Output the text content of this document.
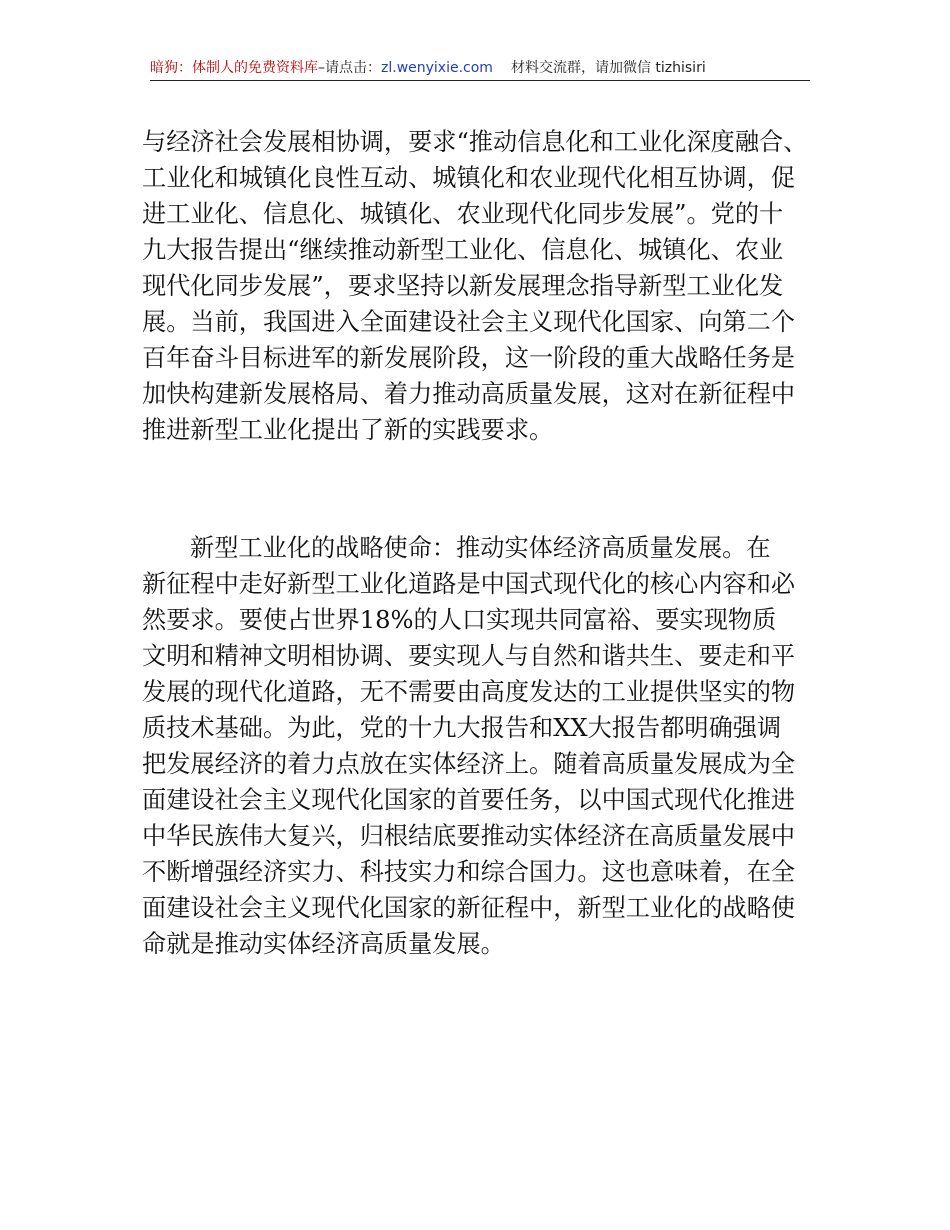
暗狗：体制人的免费资料库–请点击：zl.wenyixie.com 材料交流群，请加微信 tizhisiri
与经济社会发展相协调，要求“推动信息化和工业化深度融合、
工业化和城镇化良性互动、城镇化和农业现代化相互协调，促
进工业化、信息化、城镇化、农业现代化同步发展”。党的十
九大报告提出“继续推动新型工业化、信息化、城镇化、农业
现代化同步发展”，要求坚持以新发展理念指导新型工业化发
展。当前，我国进入全面建设社会主义现代化国家、向第二个
百年奋斗目标进军的新发展阶段，这一阶段的重大战略任务是
加快构建新发展格局、着力推动高质量发展，这对在新征程中
推进新型工业化提出了新的实践要求。
新型工业化的战略使命：推动实体经济高质量发展。在
新征程中走好新型工业化道路是中国式现代化的核心内容和必
然要求。要使占世界18%的人口实现共同富裕、要实现物质
文明和精神文明相协调、要实现人与自然和谐共生、要走和平
发展的现代化道路，无不需要由高度发达的工业提供坚实的物
质技术基础。为此，党的十九大报告和XX大报告都明确强调
把发展经济的着力点放在实体经济上。随着高质量发展成为全
面建设社会主义现代化国家的首要任务，以中国式现代化推进
中华民族伟大复兴，归根结底要推动实体经济在高质量发展中
不断增强经济实力、科技实力和综合国力。这也意味着，在全
面建设社会主义现代化国家的新征程中，新型工业化的战略使
命就是推动实体经济高质量发展。
